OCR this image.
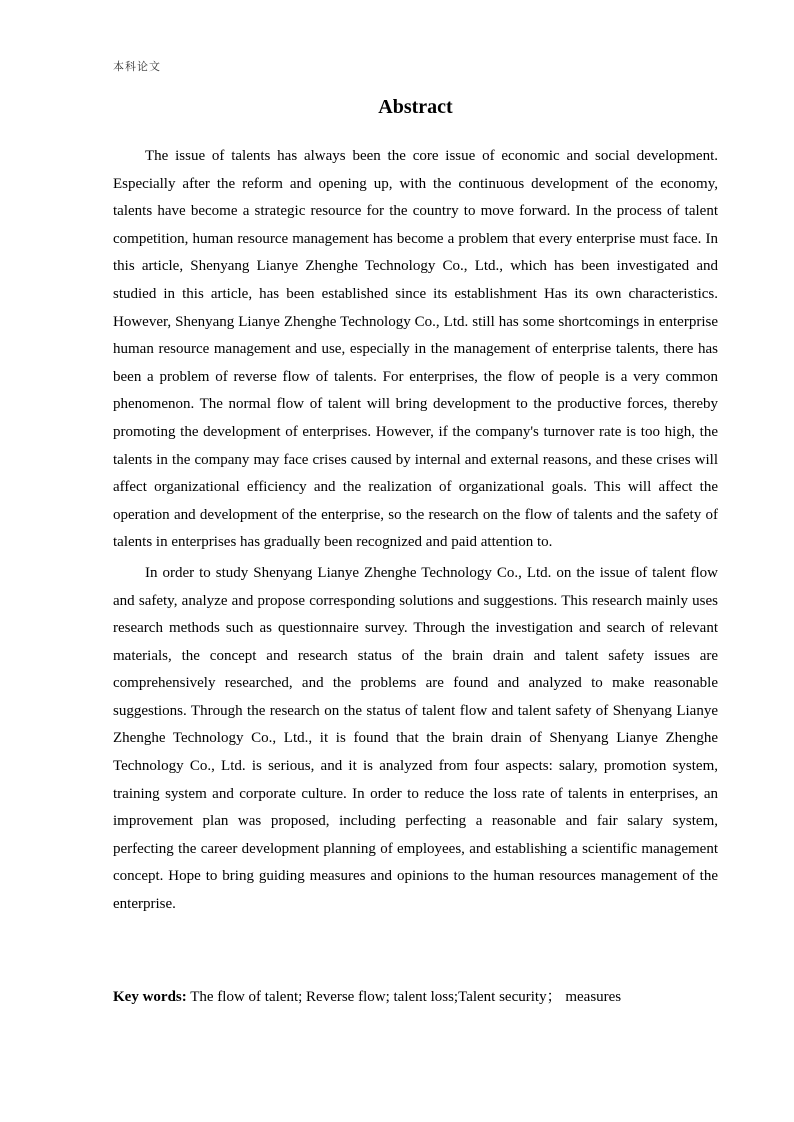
本科论文
Abstract

The issue of talents has always been the core issue of economic and social development. Especially after the reform and opening up, with the continuous development of the economy, talents have become a strategic resource for the country to move forward. In the process of talent competition, human resource management has become a problem that every enterprise must face. In this article, Shenyang Lianye Zhenghe Technology Co., Ltd., which has been investigated and studied in this article, has been established since its establishment Has its own characteristics. However, Shenyang Lianye Zhenghe Technology Co., Ltd. still has some shortcomings in enterprise human resource management and use, especially in the management of enterprise talents, there has been a problem of reverse flow of talents. For enterprises, the flow of people is a very common phenomenon. The normal flow of talent will bring development to the productive forces, thereby promoting the development of enterprises. However, if the company's turnover rate is too high, the talents in the company may face crises caused by internal and external reasons, and these crises will affect organizational efficiency and the realization of organizational goals. This will affect the operation and development of the enterprise, so the research on the flow of talents and the safety of talents in enterprises has gradually been recognized and paid attention to.

In order to study Shenyang Lianye Zhenghe Technology Co., Ltd. on the issue of talent flow and safety, analyze and propose corresponding solutions and suggestions. This research mainly uses research methods such as questionnaire survey. Through the investigation and search of relevant materials, the concept and research status of the brain drain and talent safety issues are comprehensively researched, and the problems are found and analyzed to make reasonable suggestions. Through the research on the status of talent flow and talent safety of Shenyang Lianye Zhenghe Technology Co., Ltd., it is found that the brain drain of Shenyang Lianye Zhenghe Technology Co., Ltd. is serious, and it is analyzed from four aspects: salary, promotion system, training system and corporate culture. In order to reduce the loss rate of talents in enterprises, an improvement plan was proposed, including perfecting a reasonable and fair salary system, perfecting the career development planning of employees, and establishing a scientific management concept. Hope to bring guiding measures and opinions to the human resources management of the enterprise.

Key words: The flow of talent; Reverse flow; talent loss;Talent security； measures
